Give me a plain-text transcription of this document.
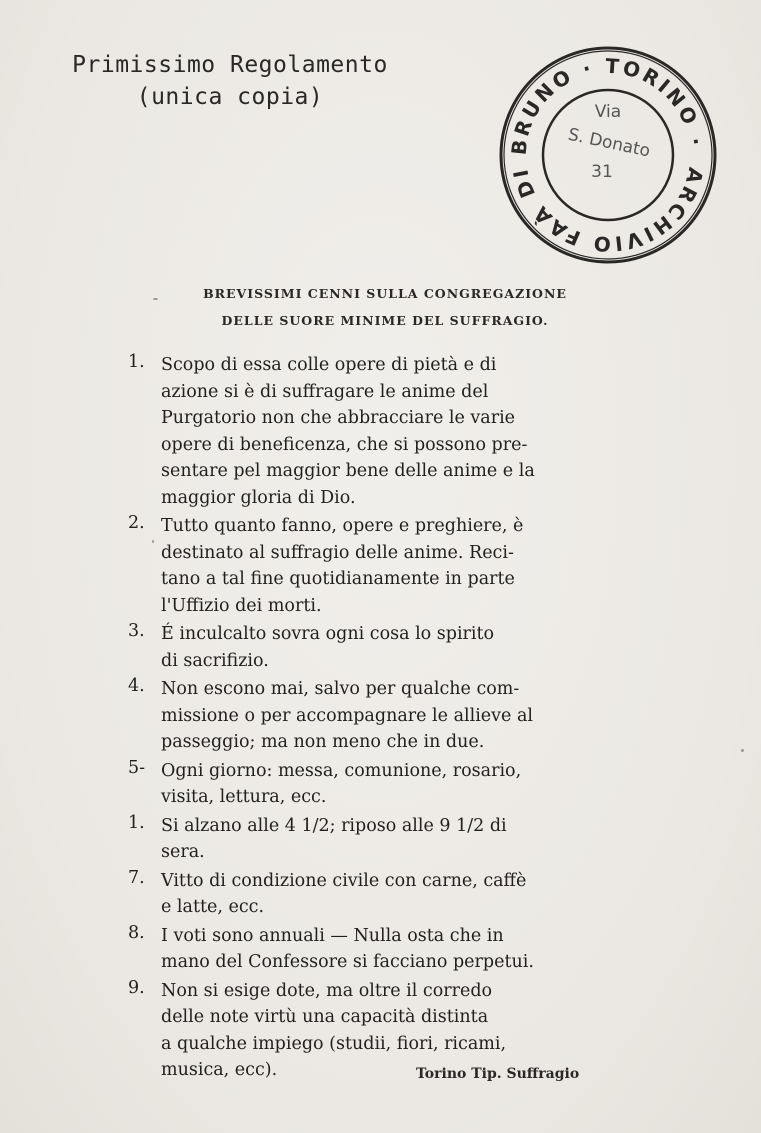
Primissimo Regolamento
(unica copia)
ARCHIVIO FAÀ DI BRUNO · TORINO ·
Via
S. Donato
31
BREVISSIMI CENNI SULLA CONGREGAZIONE
DELLE SUORE MINIME DEL SUFFRAGIO.
1. Scopo di essa colle opere di pietà e di
azione si è di suffragare le anime del
Purgatorio non che abbracciare le varie
opere di beneficenza, che si possono pre-
sentare pel maggior bene delle anime e la
maggior gloria di Dio.
2. Tutto quanto fanno, opere e preghiere, è
destinato al suffragio delle anime. Reci-
tano a tal fine quotidianamente in parte
l'Uffizio dei morti.
3. É inculcalto sovra ogni cosa lo spirito
di sacrifizio.
4. Non escono mai, salvo per qualche com-
missione o per accompagnare le allieve al
passeggio; ma non meno che in due.
5- Ogni giorno: messa, comunione, rosario,
visita, lettura, ecc.
1. Si alzano alle 4 1/2; riposo alle 9 1/2 di
sera.
7. Vitto di condizione civile con carne, caffè
e latte, ecc.
8. I voti sono annuali — Nulla osta che in
mano del Confessore si facciano perpetui.
9. Non si esige dote, ma oltre il corredo
delle note virtù una capacità distinta
a qualche impiego (studii, fiori, ricami,
musica, ecc).	Torino Tip. Suffragio
